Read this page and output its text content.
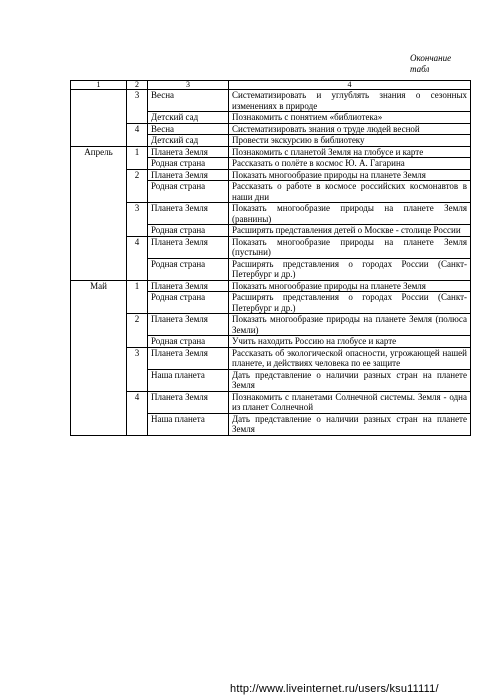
Окончание
табл
1	2	3	4
	3	Весна	Систематизировать и углублять знания о сезонных изменениях в природе
		Детский сад	Познакомить с понятием «библиотека»
	4	Весна	Систематизировать знания о труде людей весной
		Детский сад	Провести экскурсию в библиотеку
Апрель	1	Планета Земля	Познакомить с планетой Земля на глобусе и карте
		Родная страна	Рассказать о полёте в космос Ю. А. Гагарина
	2	Планета Земля	Показать многообразие природы на планете Земля
		Родная страна	Рассказать о работе в космосе российских космонавтов в наши дни
	3	Планета Земля	Показать многообразие природы на планете Земля (равнины)
		Родная страна	Расширять представления детей о Москве - столице России
	4	Планета Земля	Показать многообразие природы на планете Земля (пустыни)
		Родная страна	Расширять представления о городах России (Санкт-Петербург и др.)
Май	1	Планета Земля	Показать многообразие природы на планете Земля
		Родная страна	Расширять представления о городах России (Санкт-Петербург и др.)
	2	Планета Земля	Показать многообразие природы на планете Земля (полюса Земли)
		Родная страна	Учить находить Россию на глобусе и карте
	3	Планета Земля	Рассказать об экологической опасности, угрожающей нашей планете, и действиях человека по ее защите
		Наша планета	Дать представление о наличии разных стран на планете Земля
	4	Планета Земля	Познакомить с планетами Солнечной системы. Земля - одна из планет Солнечной
		Наша планета	Дать представление о наличии разных стран на планете Земля
http://www.liveinternet.ru/users/ksu11111/
